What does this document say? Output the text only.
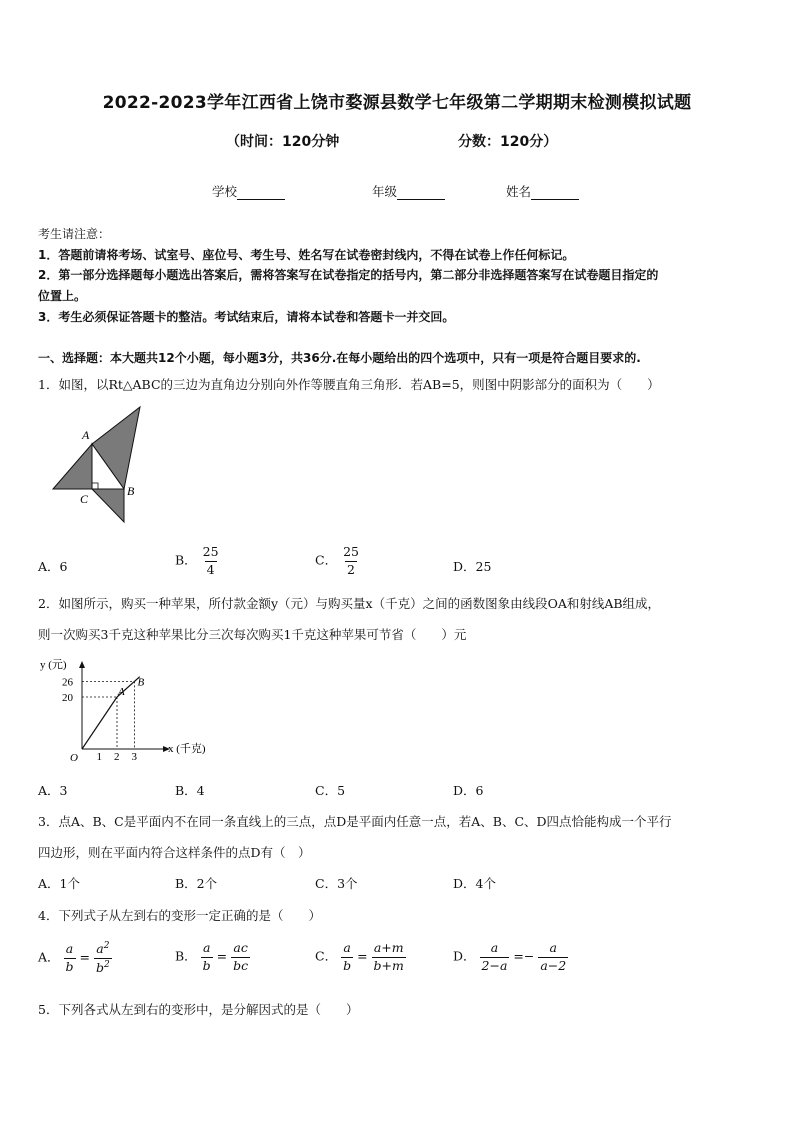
2022-2023学年江西省上饶市婺源县数学七年级第二学期期末检测模拟试题
（时间：120分钟	分数：120分）
学校	年级	姓名
考生请注意：
1．答题前请将考场、试室号、座位号、考生号、姓名写在试卷密封线内，不得在试卷上作任何标记。
2．第一部分选择题每小题选出答案后，需将答案写在试卷指定的括号内，第二部分非选择题答案写在试卷题目指定的
位置上。
3．考生必须保证答题卡的整洁。考试结束后，请将本试卷和答题卡一并交回。
一、选择题：本大题共12个小题，每小题3分，共36分.在每小题给出的四个选项中，只有一项是符合题目要求的.
1．如图，以Rt△ABC的三边为直角边分别向外作等腰直角三角形．若AB=5，则图中阴影部分的面积为（　　）
A
C
B
A．6	B． $\frac{25}{4}$	C． $\frac{25}{2}$	D．25
2．如图所示，购买一种苹果，所付款金额y（元）与购买量x（千克）之间的函数图象由线段OA和射线AB组成，
则一次购买3千克这种苹果比分三次每次购买1千克这种苹果可节省（　　）元
26
20
1 2 3
A
B
y (元)
x (千克)
O
A．3	B．4	C．5	D．6
3．点A、B、C是平面内不在同一条直线上的三点，点D是平面内任意一点，若A、B、C、D四点恰能构成一个平行
四边形，则在平面内符合这样条件的点D有（　）
A．1个	B．2个	C．3个	D．4个
4．下列式子从左到右的变形一定正确的是（　　）
A． $\frac{a}{b} = \frac{a^2}{b^2}$	B． $\frac{a}{b} = \frac{ac}{bc}$	C． $\frac{a}{b} = \frac{a+m}{b+m}$	D． $\frac{a}{2-a} =- \frac{a}{a-2}$
5．下列各式从左到右的变形中，是分解因式的是（　　）
